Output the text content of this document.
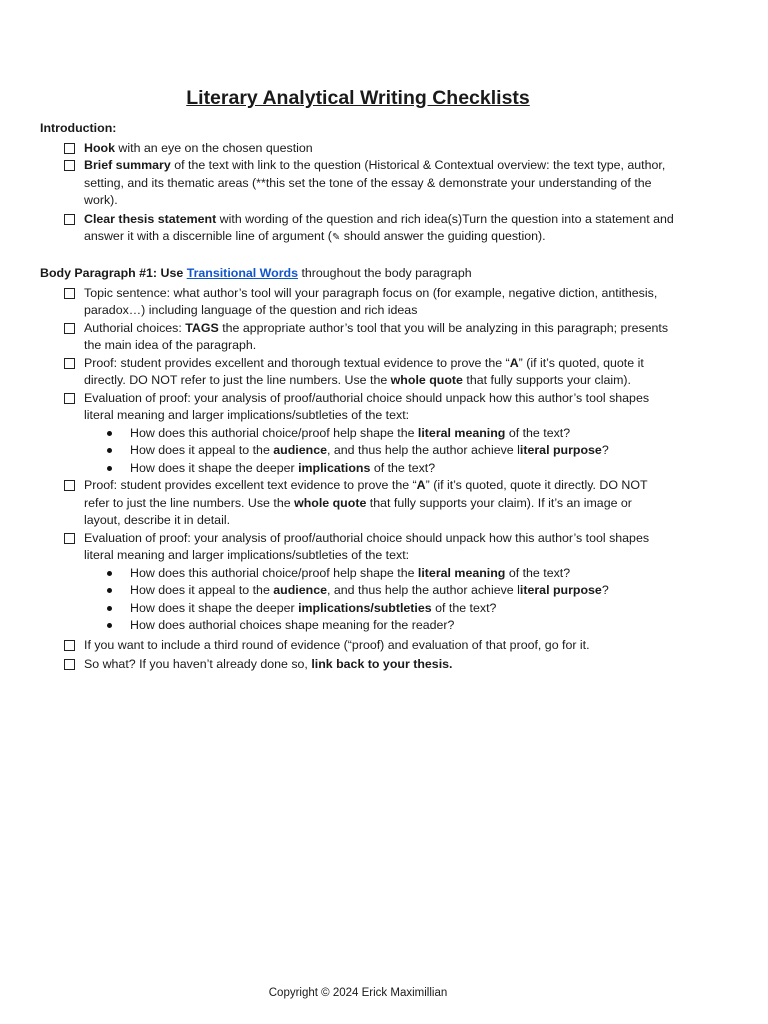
Literary Analytical Writing Checklists
Introduction:
Hook with an eye on the chosen question
Brief summary of the text with link to the question (Historical & Contextual overview: the text type, author,
setting, and its thematic areas (**this set the tone of the essay & demonstrate your understanding of the
work).
Clear thesis statement with wording of the question and rich idea(s)Turn the question into a statement and
answer it with a discernible line of argument (✎ should answer the guiding question).
Body Paragraph #1: Use Transitional Words throughout the body paragraph
Topic sentence: what author’s tool will your paragraph focus on (for example, negative diction, antithesis,
paradox…) including language of the question and rich ideas
Authorial choices: TAGS the appropriate author’s tool that you will be analyzing in this paragraph; presents
the main idea of the paragraph.
Proof: student provides excellent and thorough textual evidence to prove the “A” (if it’s quoted, quote it
directly. DO NOT refer to just the line numbers. Use the whole quote that fully supports your claim).
Evaluation of proof: your analysis of proof/authorial choice should unpack how this author’s tool shapes
literal meaning and larger implications/subtleties of the text:
How does this authorial choice/proof help shape the literal meaning of the text?
How does it appeal to the audience, and thus help the author achieve literal purpose?
How does it shape the deeper implications of the text?
Proof: student provides excellent text evidence to prove the “A” (if it’s quoted, quote it directly. DO NOT
refer to just the line numbers. Use the whole quote that fully supports your claim). If it’s an image or
layout, describe it in detail.
Evaluation of proof: your analysis of proof/authorial choice should unpack how this author’s tool shapes
literal meaning and larger implications/subtleties of the text:
How does this authorial choice/proof help shape the literal meaning of the text?
How does it appeal to the audience, and thus help the author achieve literal purpose?
How does it shape the deeper implications/subtleties of the text?
How does authorial choices shape meaning for the reader?
If you want to include a third round of evidence (“proof) and evaluation of that proof, go for it.
So what? If you haven’t already done so, link back to your thesis.
Copyright © 2024 Erick Maximillian
